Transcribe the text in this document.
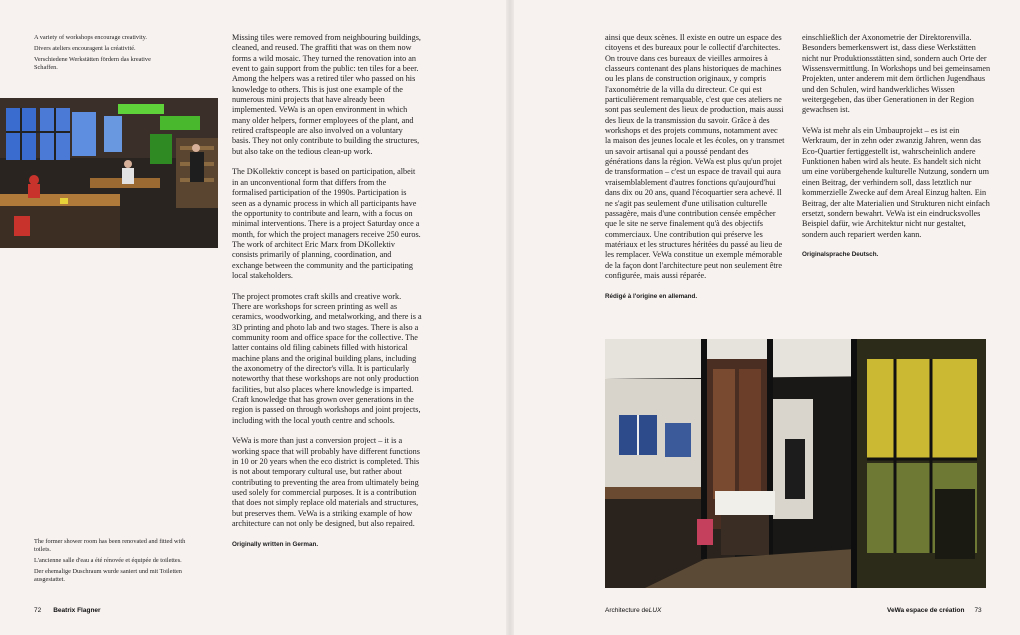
A variety of workshops encourage creativity.

Divers ateliers encouragent la créativité.

Verschiedene Werkstätten fördern das kreative Schaffen.

The former shower room has been renovated and fitted with toilets.

L'ancienne salle d'eau a été rénovée et équipée de toilettes.

Der ehemalige Duschraum wurde saniert und mit Toiletten ausgestattet.

Missing tiles were removed from neighbouring buildings, cleaned, and reused. The graffiti that was on them now forms a wild mosaic. They turned the renovation into an event to gain support from the public: ten tiles for a beer. Among the helpers was a retired tiler who passed on his knowledge to others. This is just one example of the numerous mini projects that have already been implemented. VeWa is an open environment in which many older helpers, former employees of the plant, and retired craftspeople are also involved on a voluntary basis. They not only contribute to building the structures, but also take on the tedious clean-up work.

The DKollektiv concept is based on participation, albeit in an unconventional form that differs from the formalised participation of the 1990s. Participation is seen as a dynamic process in which all participants have the opportunity to contribute and learn, with a focus on minimal interventions. There is a project Saturday once a month, for which the project managers receive 250 euros. The work of architect Eric Marx from DKollektiv consists primarily of planning, coordination, and exchange between the community and the participating local stakeholders.

The project promotes craft skills and creative work. There are workshops for screen printing as well as ceramics, woodworking, and metalworking, and there is a 3D printing and photo lab and two stages. There is also a community room and office space for the collective. The latter contains old filing cabinets filled with historical machine plans and the original building plans, including the axonometry of the director's villa. It is particularly noteworthy that these workshops are not only production facilities, but also places where knowledge is imparted. Craft knowledge that has grown over generations in the region is passed on through workshops and joint projects, including with the local youth centre and schools.

VeWa is more than just a conversion project – it is a working space that will probably have different functions in 10 or 20 years when the eco district is completed. This is not about temporary cultural use, but rather about contributing to preventing the area from ultimately being used solely for commercial purposes. It is a contribution that does not simply replace old materials and structures, but preserves them. VeWa is a striking example of how architecture can not only be designed, but also repaired.

Originally written in German.

ainsi que deux scènes. Il existe en outre un espace des citoyens et des bureaux pour le collectif d'architectes. On trouve dans ces bureaux de vieilles armoires à classeurs contenant des plans historiques de machines ou les plans de construction originaux, y compris l'axonométrie de la villa du directeur. Ce qui est particulièrement remarquable, c'est que ces ateliers ne sont pas seulement des lieux de production, mais aussi des lieux de la transmission du savoir. Grâce à des workshops et des projets communs, notamment avec la maison des jeunes locale et les écoles, on y transmet un savoir artisanal qui a poussé pendant des générations dans la région. VeWa est plus qu'un projet de transformation – c'est un espace de travail qui aura vraisemblablement d'autres fonctions qu'aujourd'hui dans dix ou 20 ans, quand l'écoquartier sera achevé. Il ne s'agit pas seulement d'une utilisation culturelle passagère, mais d'une contribution censée empêcher que le site ne serve finalement qu'à des objectifs commerciaux. Une contribution qui préserve les matériaux et les structures héritées du passé au lieu de les remplacer. VeWa constitue un exemple mémorable de la façon dont l'architecture peut non seulement être configurée, mais aussi réparée.

Rédigé à l'origine en allemand.

einschließlich der Axonometrie der Direktorenvilla. Besonders bemerkenswert ist, dass diese Werkstätten nicht nur Produktionsstätten sind, sondern auch Orte der Wissensvermittlung. In Workshops und bei gemeinsamen Projekten, unter anderem mit dem örtlichen Jugendhaus und den Schulen, wird handwerkliches Wissen weitergegeben, das über Generationen in der Region gewachsen ist.

VeWa ist mehr als ein Umbauprojekt – es ist ein Werkraum, der in zehn oder zwanzig Jahren, wenn das Eco-Quartier fertiggestellt ist, wahrscheinlich andere Funktionen haben wird als heute. Es handelt sich nicht um eine vorübergehende kulturelle Nutzung, sondern um einen Beitrag, der verhindern soll, dass letztlich nur kommerzielle Zwecke auf dem Areal Einzug halten. Ein Beitrag, der alte Materialien und Strukturen nicht einfach ersetzt, sondern bewahrt. VeWa ist ein eindrucksvolles Beispiel dafür, wie Architektur nicht nur gestaltet, sondern auch repariert werden kann.

Originalsprache Deutsch.
72 Beatrix Flagner	Architecture deLUX	VeWa espace de création 73
